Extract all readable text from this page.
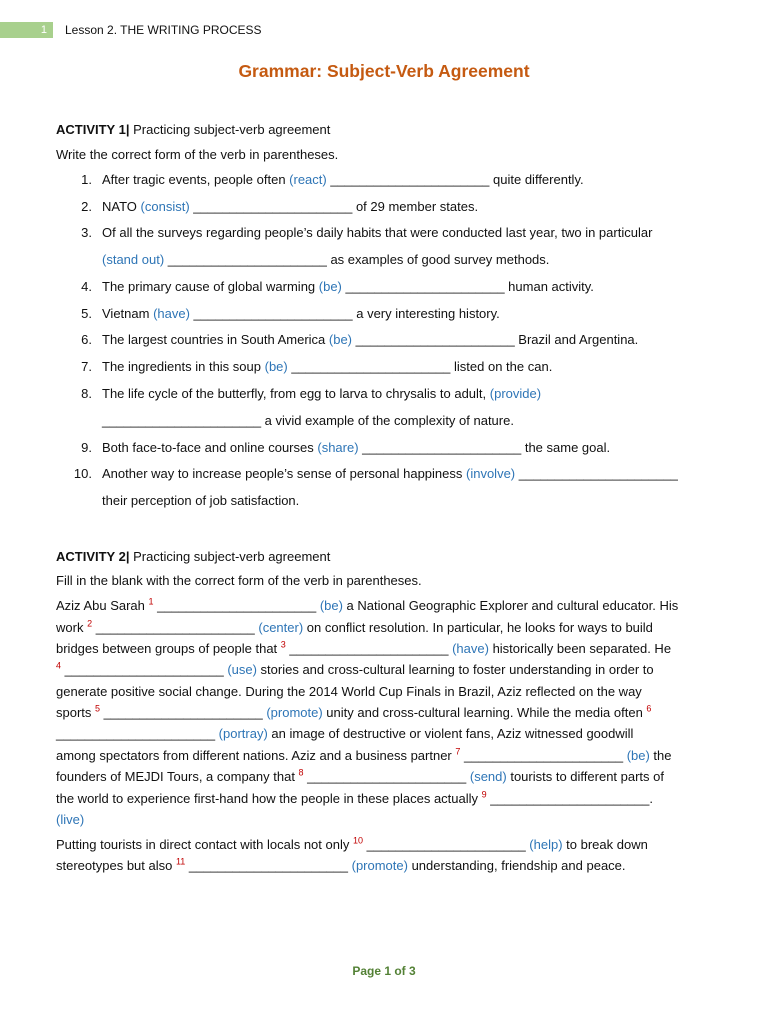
1	Lesson 2. THE WRITING PROCESS
Grammar: Subject-Verb Agreement
ACTIVITY 1| Practicing subject-verb agreement
Write the correct form of the verb in parentheses.
1. After tragic events, people often (react) ______________________ quite differently.
2. NATO (consist) ______________________ of 29 member states.
3. Of all the surveys regarding people’s daily habits that were conducted last year, two in particular
(stand out) ______________________ as examples of good survey methods.
4. The primary cause of global warming (be) ______________________ human activity.
5. Vietnam (have) ______________________ a very interesting history.
6. The largest countries in South America (be) ______________________ Brazil and Argentina.
7. The ingredients in this soup (be) ______________________ listed on the can.
8. The life cycle of the butterfly, from egg to larva to chrysalis to adult, (provide)
______________________ a vivid example of the complexity of nature.
9. Both face-to-face and online courses (share) ______________________ the same goal.
10. Another way to increase people’s sense of personal happiness (involve) ______________________
their perception of job satisfaction.
ACTIVITY 2| Practicing subject-verb agreement
Fill in the blank with the correct form of the verb in parentheses.
Aziz Abu Sarah $^1$ ______________________ (be) a National Geographic Explorer and cultural educator. His
work $^2$ ______________________ (center) on conflict resolution. In particular, he looks for ways to build
bridges between groups of people that $^3$ ______________________ (have) historically been separated. He
$^4$ ______________________ (use) stories and cross-cultural learning to foster understanding in order to
generate positive social change. During the 2014 World Cup Finals in Brazil, Aziz reflected on the way
sports $^5$ ______________________ (promote) unity and cross-cultural learning. While the media often $^6$
______________________ (portray) an image of destructive or violent fans, Aziz witnessed goodwill
among spectators from different nations. Aziz and a business partner $^7$ ______________________ (be) the
founders of MEJDI Tours, a company that $^8$ ______________________ (send) tourists to different parts of
the world to experience first-hand how the people in these places actually $^9$ ______________________.
(live)
Putting tourists in direct contact with locals not only $^{10}$ ______________________ (help) to break down
stereotypes but also $^{11}$ ______________________ (promote) understanding, friendship and peace.
Page 1 of 3
